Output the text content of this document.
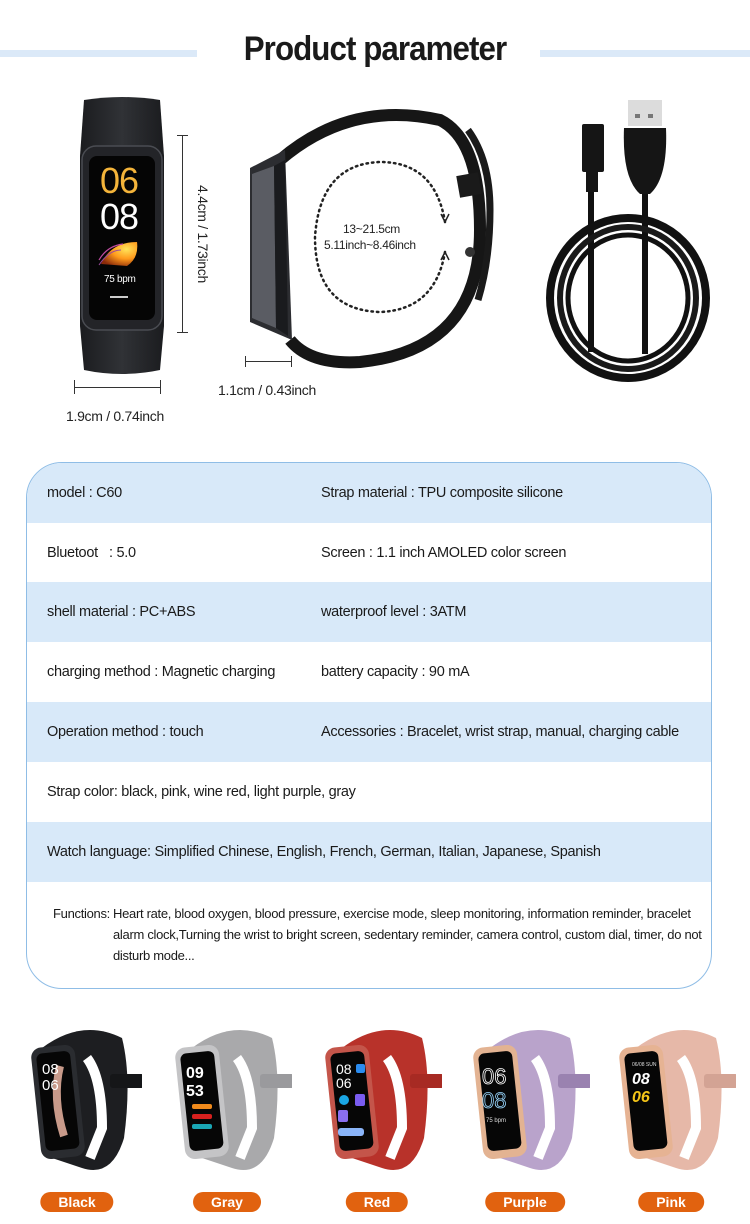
Product parameter
06
08
75 bpm	4.4cm / 1.73inch
1.9cm / 0.74inch
13~21.5cm
5.11inch~8.46inch
1.1cm / 0.43inch
model : C60	Strap material : TPU composite silicone
Bluetoot   : 5.0	Screen : 1.1 inch AMOLED color screen
shell material : PC+ABS	waterproof level : 3ATM
charging method : Magnetic charging	battery capacity : 90 mA
Operation method : touch	Accessories : Bracelet, wrist strap, manual, charging cable
Strap color: black, pink, wine red, light purple, gray
Watch language: Simplified Chinese, English, French, German, Italian, Japanese, Spanish
Functions: Heart rate, blood oxygen, blood pressure, exercise mode, sleep monitoring, information reminder, bracelet alarm clock,Turning the wrist to bright screen, sedentary reminder, camera control, custom dial, timer, do not disturb mode...
08
06
Black
09
53
Gray
08
06
Red
06
08
75 bpm
Purple
06/08 SUN
08
06
Pink
